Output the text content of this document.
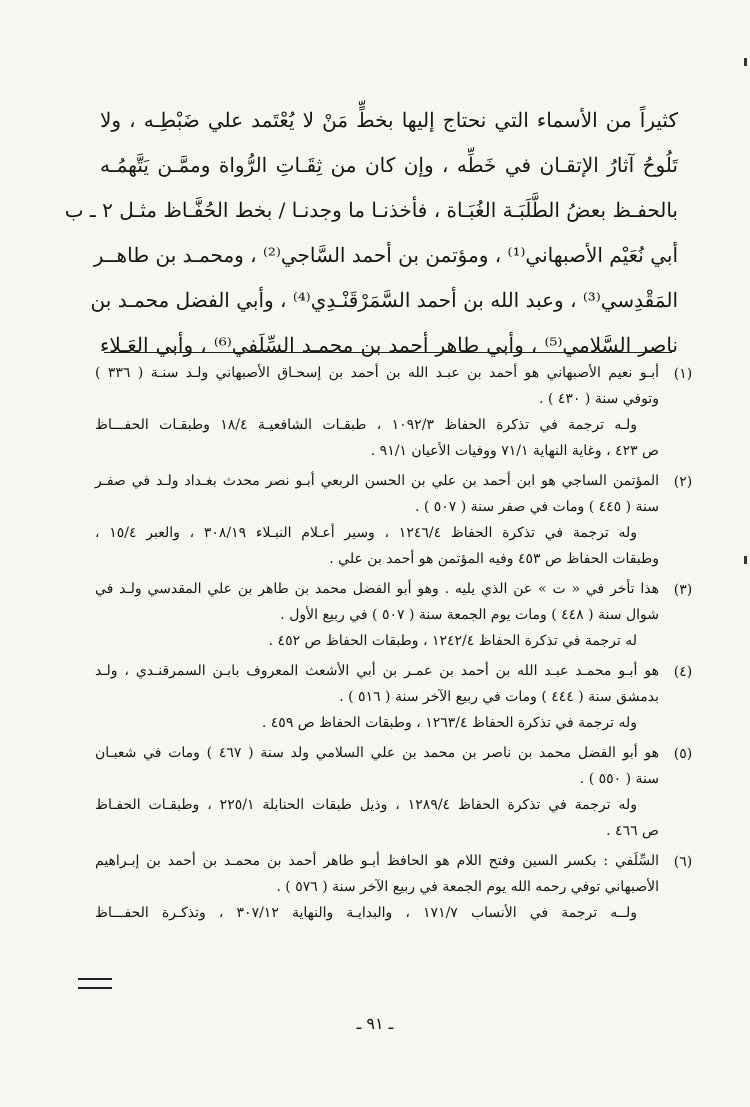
كثيراً من الأسماء التي نحتاج إليها بخطٍّ مَنْ لا يُعْتَمد علي ضَبْطِـه ، ولا
تَلُوحُ آثارُ الإتقـان في خَطِّه ، وإن كان من ثِقَـاتِ الرُّواة وممَّـن يَتَّهمُـه
بالحفـظ بعضُ الطَّلَبَـة الغُبَـاة ، فأخذنـا ما وجدنـا / بخط الحُفَّـاظ مثـل ٢ ـ ب
أبي نُعَيْم الأصبهاني⁽¹⁾ ، ومؤتمن بن أحمد السَّاجي⁽²⁾ ، ومحمـد بن طاهــر
المَقْدِسي⁽³⁾ ، وعبد الله بن أحمد السَّمَرْقَنْـدِي⁽⁴⁾ ، وأبي الفضل محمـد بن
ناصر السَّلامي⁽⁵⁾ ، وأبي طاهر أحمد بن محمـد السِّلَفي⁽⁶⁾ ، وأبي العَـلاء
(١)
أبـو نعيم الأصبهاني هو أحمد بن عبـد الله بن أحمد بن إسحـاق الأصبهاني ولـد سنـة ( ٣٣٦ )
وتوفي سنة ( ٤٣٠ ) .
ولـه ترجمة في تذكرة الحفاظ ١٠٩٢/٣ ، طبقـات الشافعيـة ١٨/٤ وطبقـات الحفـــاظ
ص ٤٢٣ ، وغاية النهاية ٧١/١ ووفيات الأعيان ٩١/١ .
(٢)
المؤتمن الساجي هو ابن أحمد بن علي بن الحسن الربعي أبـو نصر محدث بغـداد ولـد في صفـر
سنة ( ٤٤٥ ) ومات في صفر سنة ( ٥٠٧ ) .
وله ترجمة في تذكرة الحفاظ ١٢٤٦/٤ ، وسير أعـلام النبـلاء ٣٠٨/١٩ ، والعبر ١٥/٤ ،
وطبقات الحفاظ ص ٤٥٣ وفيه المؤتمن هو أحمد بن علي .
(٣)
هذا تأخر في « ت » عن الذي يليه . وهو أبو الفضل محمد بن طاهر بن علي المقدسي ولـد في
شوال سنة ( ٤٤٨ ) ومات يوم الجمعة سنة ( ٥٠٧ ) في ربيع الأول .
له ترجمة في تذكرة الحفاظ ١٢٤٢/٤ ، وطبقات الحفاظ ص ٤٥٢ .
(٤)
هو أبـو محمـد عبـد الله بن أحمد بن عمـر بن أبي الأشعث المعروف بابـن السمرقنـدي ، ولـد
بدمشق سنة ( ٤٤٤ ) ومات في ربيع الآخر سنة ( ٥١٦ ) .
وله ترجمة في تذكرة الحفاظ ١٢٦٣/٤ ، وطبقات الحفاظ ص ٤٥٩ .
(٥)
هو أبو الفضل محمد بن ناصر بن محمد بن علي السلامي ولد سنة ( ٤٦٧ ) ومات في شعبـان
سنة ( ٥٥٠ ) .
وله ترجمة في تذكرة الحفاظ ١٢٨٩/٤ ، وذيل طبقات الحنابلة ٢٢٥/١ ، وطبقـات الحفـاظ
ص ٤٦٦ .
(٦)
السِّلَفي : بكسر السين وفتح اللام هو الحافظ أبـو طاهر أحمد بن محمـد بن أحمد بن إبـراهيم
الأصبهاني توفي رحمه الله يوم الجمعة في ربيع الآخر سنة ( ٥٧٦ ) .
ولــه ترجمة في الأنساب ١٧١/٧ ، والبدايـة والنهاية ٣٠٧/١٢ ، وتذكـرة الحفـــاظ
ـ ٩١ ـ
